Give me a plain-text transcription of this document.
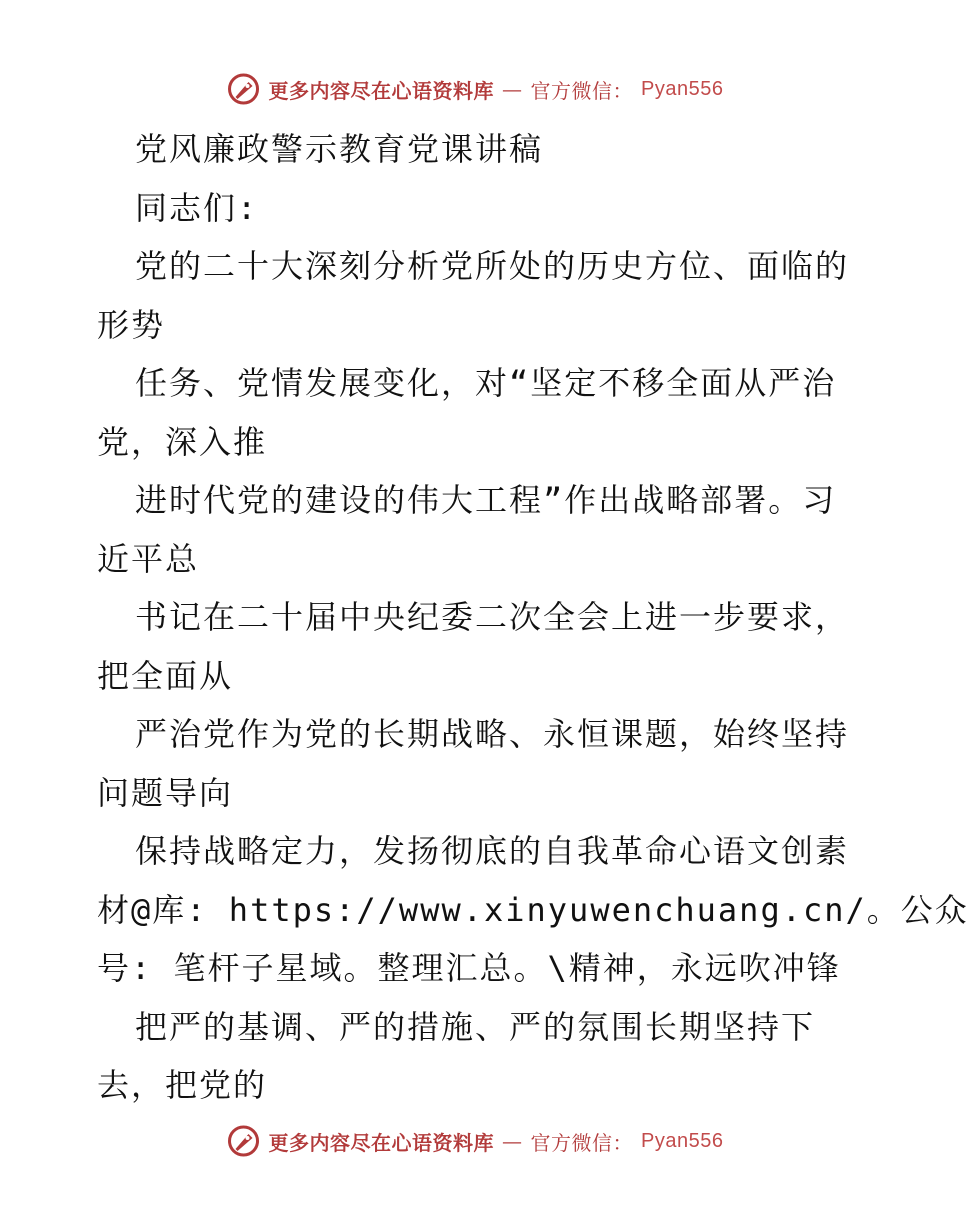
更多内容尽在心语资料库 — 官方微信： Pyan556
党风廉政警示教育党课讲稿
同志们:
党的二十大深刻分析党所处的历史方位、面临的
形势
任务、党情发展变化，对“坚定不移全面从严治
党，深入推
进时代党的建设的伟大工程”作出战略部署。习
近平总
书记在二十届中央纪委二次全会上进一步要求，
把全面从
严治党作为党的长期战略、永恒课题，始终坚持
问题导向
保持战略定力，发扬彻底的自我革命心语文创素
材@库: https://www.xinyuwenchuang.cn/。公众
号: 笔杆子星域。整理汇总。\精神，永远吹冲锋
把严的基调、严的措施、严的氛围长期坚持下
去，把党的
更多内容尽在心语资料库 — 官方微信： Pyan556
